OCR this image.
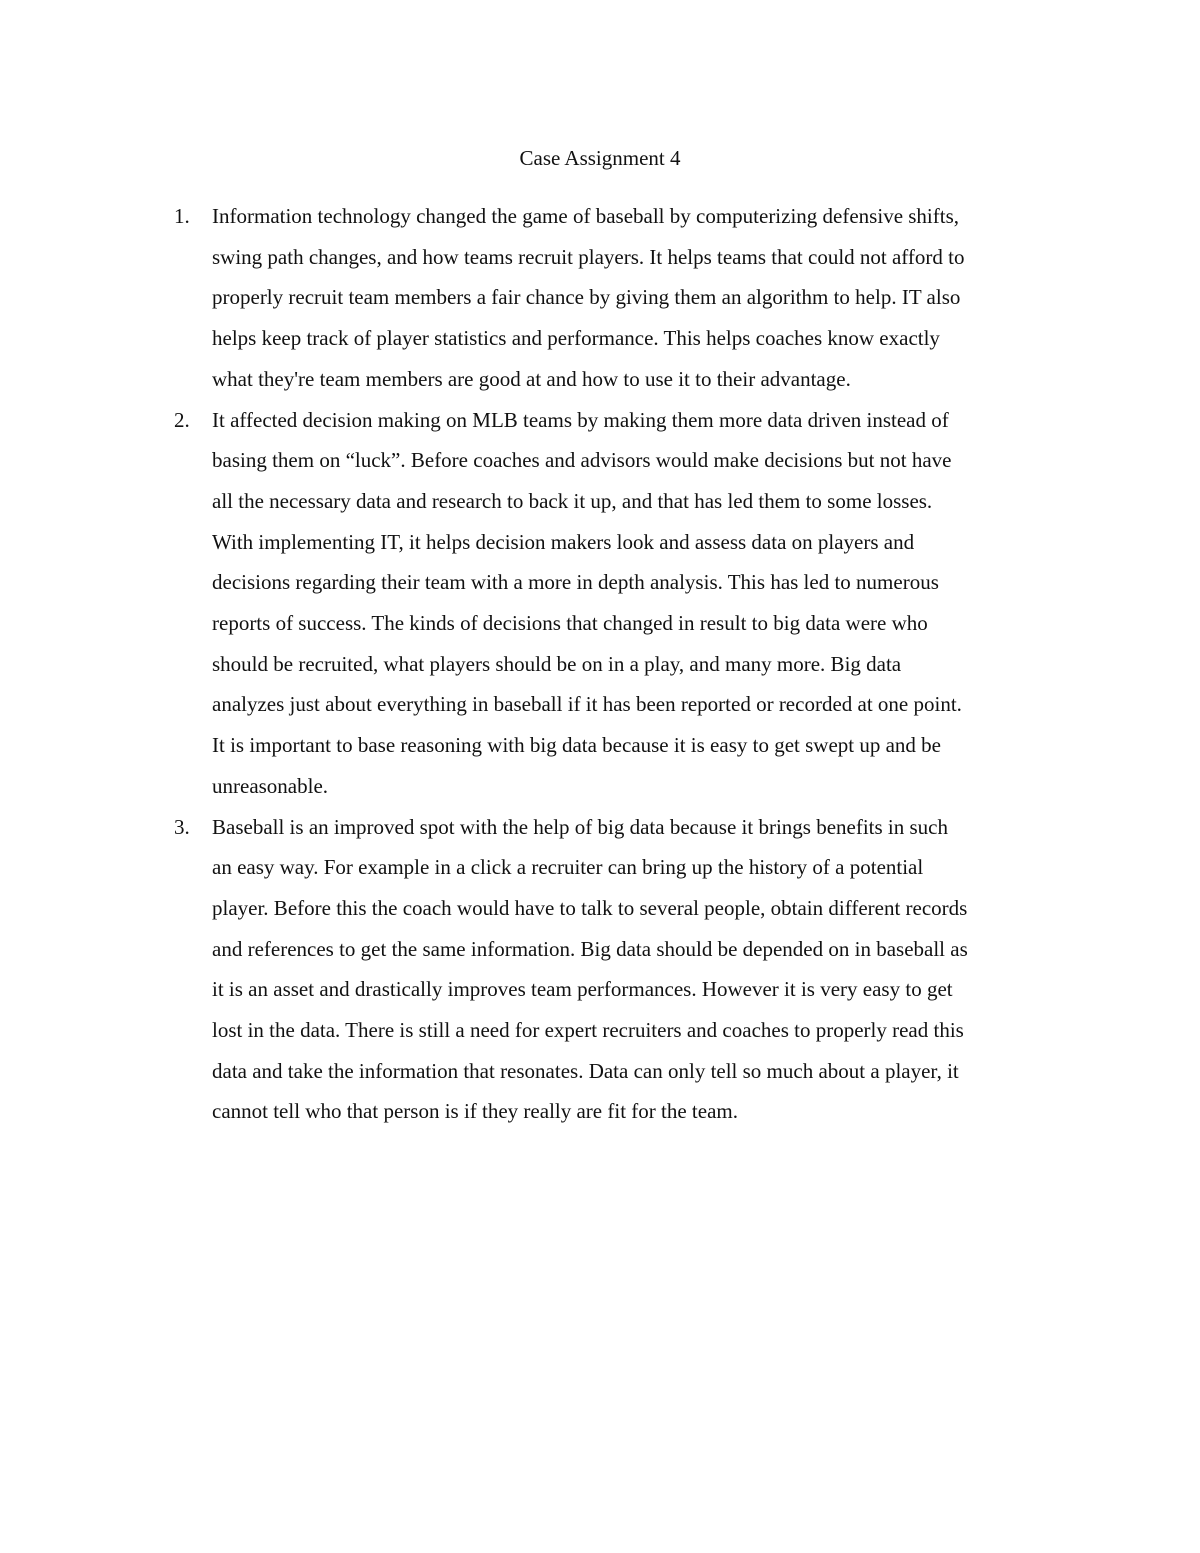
Case Assignment 4
1. Information technology changed the game of baseball by computerizing defensive shifts,
swing path changes, and how teams recruit players. It helps teams that could not afford to
properly recruit team members a fair chance by giving them an algorithm to help. IT also
helps keep track of player statistics and performance. This helps coaches know exactly
what they're team members are good at and how to use it to their advantage.
2. It affected decision making on MLB teams by making them more data driven instead of
basing them on “luck”. Before coaches and advisors would make decisions but not have
all the necessary data and research to back it up, and that has led them to some losses.
With implementing IT, it helps decision makers look and assess data on players and
decisions regarding their team with a more in depth analysis. This has led to numerous
reports of success. The kinds of decisions that changed in result to big data were who
should be recruited, what players should be on in a play, and many more. Big data
analyzes just about everything in baseball if it has been reported or recorded at one point.
It is important to base reasoning with big data because it is easy to get swept up and be
unreasonable.
3. Baseball is an improved spot with the help of big data because it brings benefits in such
an easy way. For example in a click a recruiter can bring up the history of a potential
player. Before this the coach would have to talk to several people, obtain different records
and references to get the same information. Big data should be depended on in baseball as
it is an asset and drastically improves team performances. However it is very easy to get
lost in the data. There is still a need for expert recruiters and coaches to properly read this
data and take the information that resonates. Data can only tell so much about a player, it
cannot tell who that person is if they really are fit for the team.
